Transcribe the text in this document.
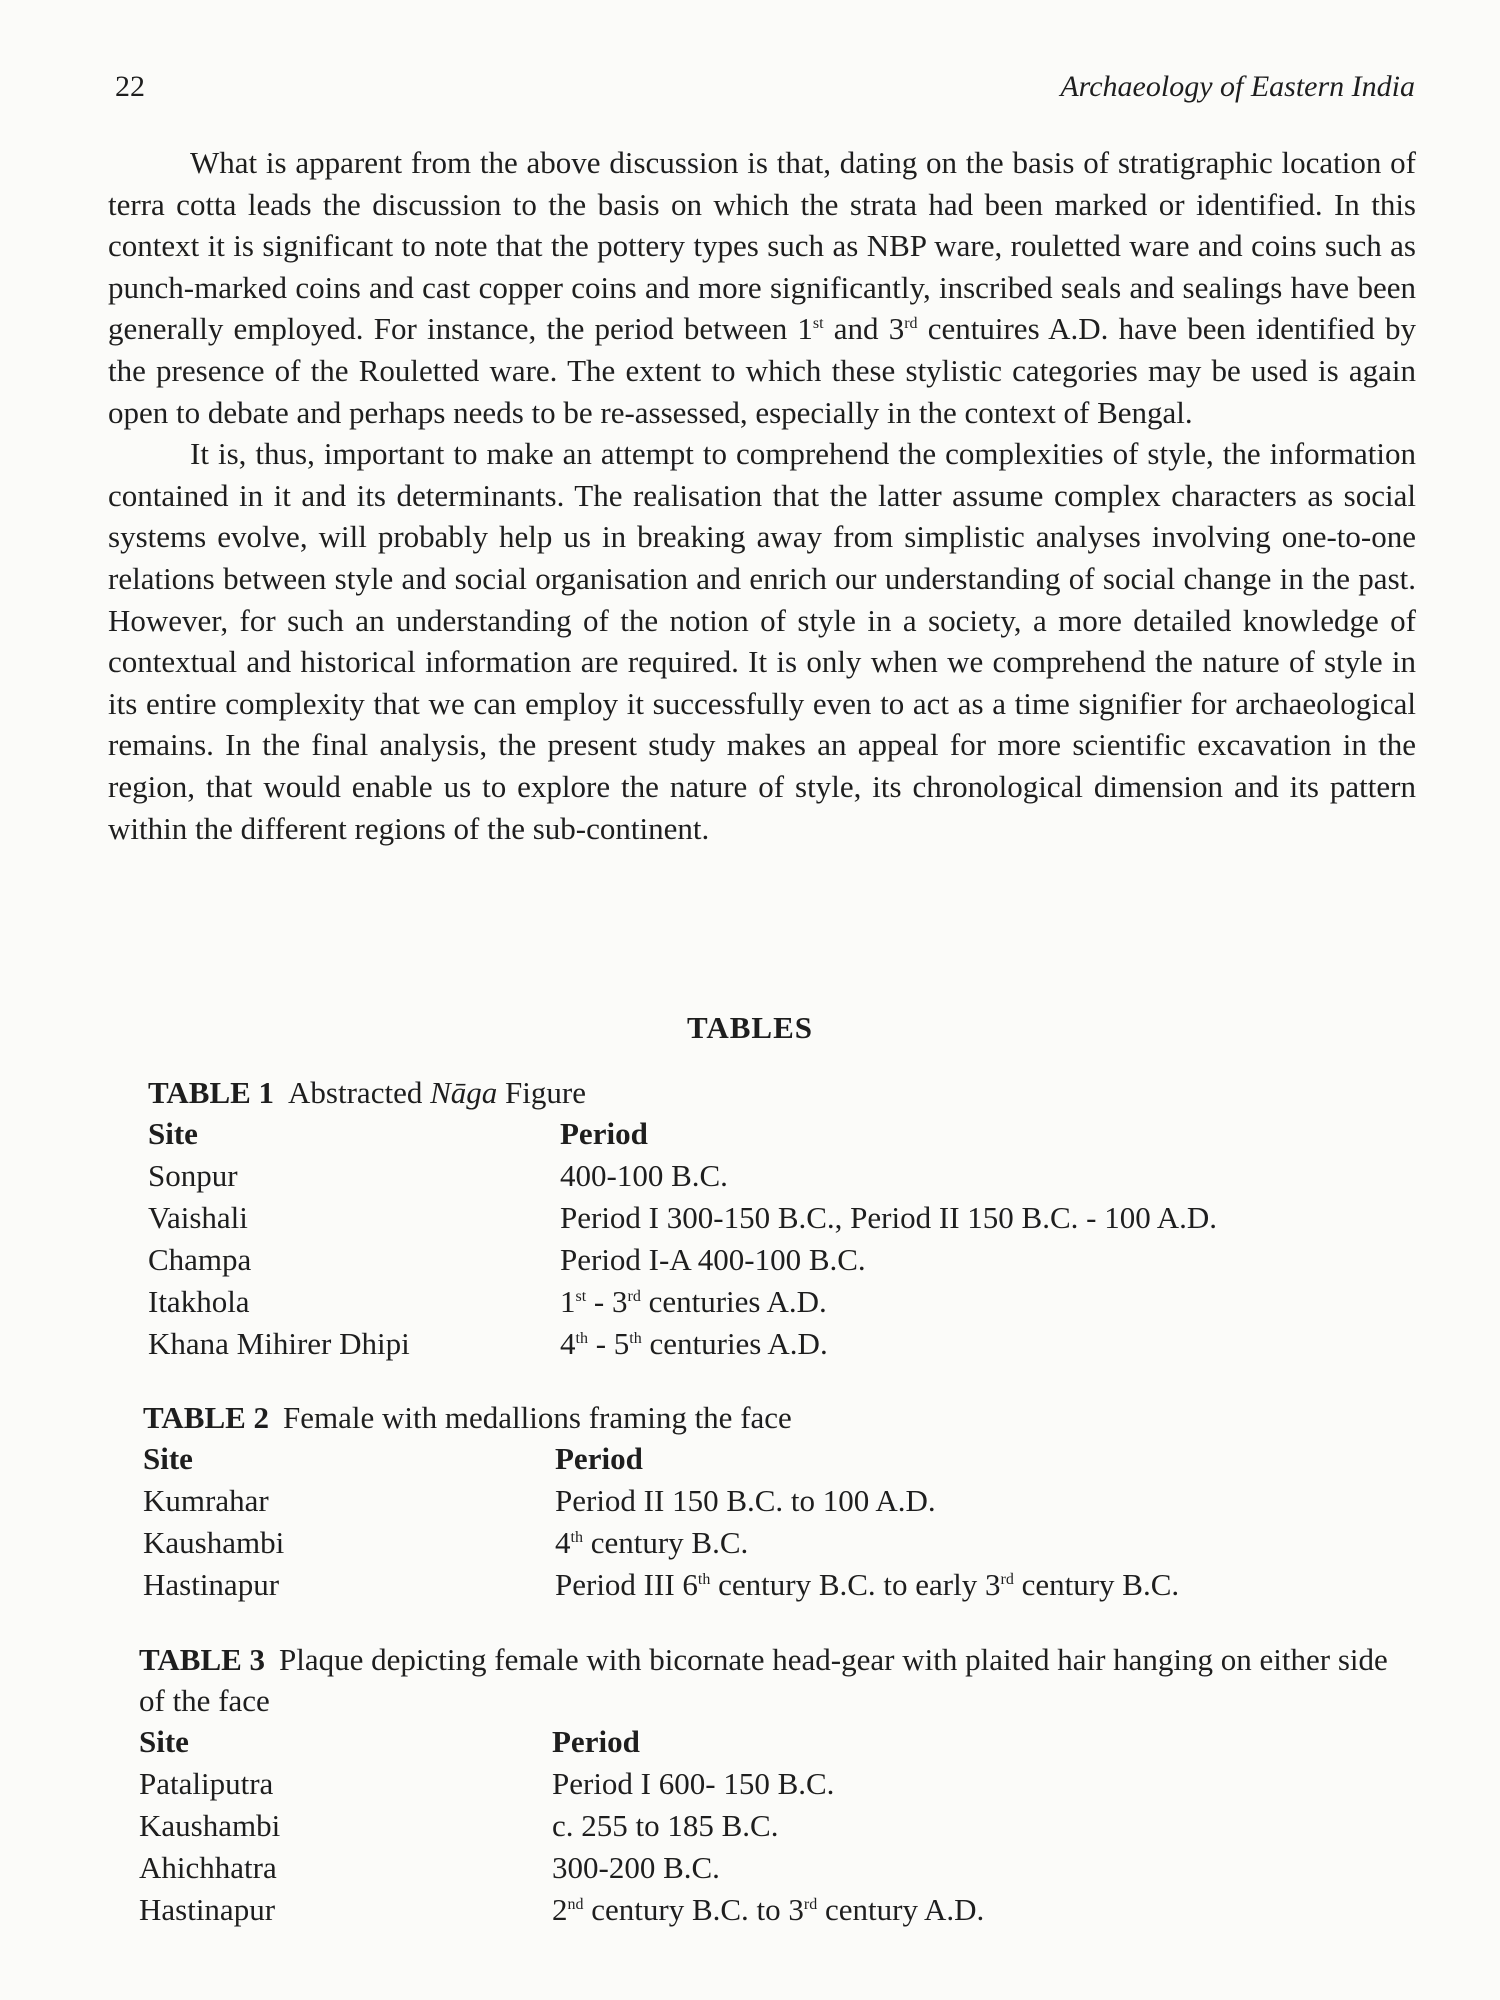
22	Archaeology of Eastern India

What is apparent from the above discussion is that, dating on the basis of stratigraphic location of terra cotta leads the discussion to the basis on which the strata had been marked or identified. In this context it is significant to note that the pottery types such as NBP ware, rouletted ware and coins such as punch-marked coins and cast copper coins and more significantly, inscribed seals and sealings have been generally employed. For instance, the period between 1st and 3rd centuires A.D. have been identified by the presence of the Rouletted ware. The extent to which these stylistic categories may be used is again open to debate and perhaps needs to be re-assessed, especially in the context of Bengal.

It is, thus, important to make an attempt to comprehend the complexities of style, the information contained in it and its determinants. The realisation that the latter assume complex characters as social systems evolve, will probably help us in breaking away from simplistic analyses involving one-to-one relations between style and social organisation and enrich our understanding of social change in the past. However, for such an understanding of the notion of style in a society, a more detailed knowledge of contextual and historical information are required. It is only when we comprehend the nature of style in its entire complexity that we can employ it successfully even to act as a time signifier for archaeological remains. In the final analysis, the present study makes an appeal for more scientific excavation in the region, that would enable us to explore the nature of style, its chronological dimension and its pattern within the different regions of the sub-continent.

TABLES
TABLE 1 Abstracted Nāga Figure
Site	Period
Sonpur	400-100 B.C.
Vaishali	Period I 300-150 B.C., Period II 150 B.C. - 100 A.D.
Champa	Period I-A 400-100 B.C.
Itakhola	1st - 3rd centuries A.D.
Khana Mihirer Dhipi	4th - 5th centuries A.D.
TABLE 2 Female with medallions framing the face
Site	Period
Kumrahar	Period II 150 B.C. to 100 A.D.
Kaushambi	4th century B.C.
Hastinapur	Period III 6th century B.C. to early 3rd century B.C.
TABLE 3 Plaque depicting female with bicornate head-gear with plaited hair hanging on either side of the face
Site	Period
Pataliputra	Period I 600- 150 B.C.
Kaushambi	c. 255 to 185 B.C.
Ahichhatra	300-200 B.C.
Hastinapur	2nd century B.C. to 3rd century A.D.
